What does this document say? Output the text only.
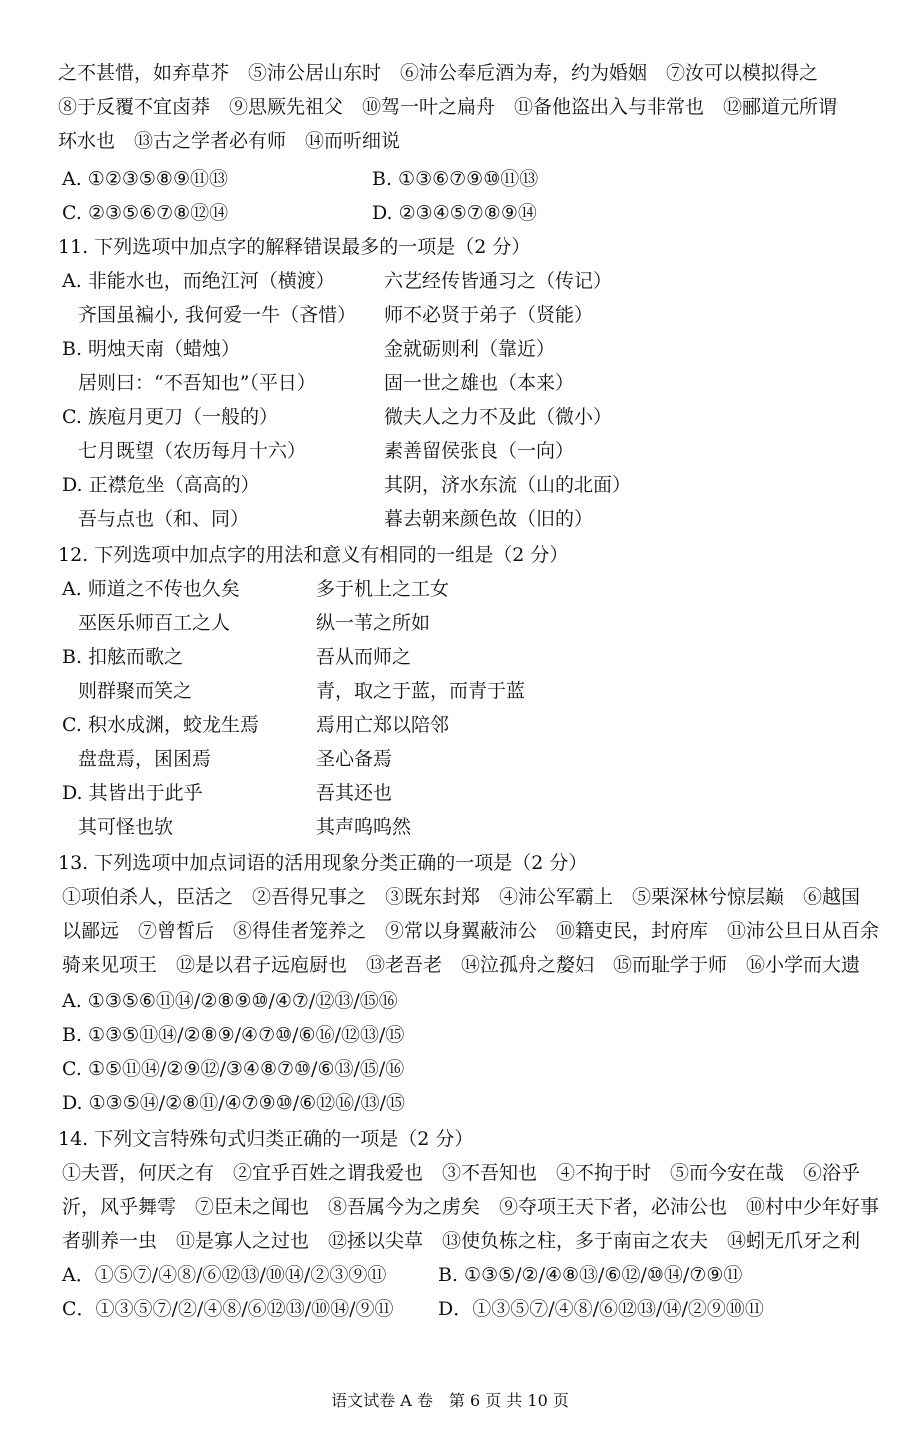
之不甚惜，如弃草芥　⑤沛公居山东时　⑥沛公奉卮酒为寿，约为婚姻　⑦汝可以模拟得之
⑧于反覆不宜卤莽　⑨思厥先祖父　⑩驾一叶之扁舟　⑪备他盗出入与非常也　⑫郦道元所谓
环水也　⑬古之学者必有师　⑭而听细说
A. ①②③⑤⑧⑨⑪⑬	B. ①③⑥⑦⑨⑩⑪⑬
C. ②③⑤⑥⑦⑧⑫⑭	D. ②③④⑤⑦⑧⑨⑭
11. 下列选项中加点字的解释错误最多的一项是（2 分）
A. 非能水也，而绝江河（横渡）	六艺经传皆通习之（传记）
齐国虽褊小, 我何爱一牛（吝惜） 师不必贤于弟子（贤能）
B. 明烛天南（蜡烛）	金就砺则利（靠近）
居则曰：“不吾知也”（平日）	固一世之雄也（本来）
C. 族庖月更刀（一般的）	微夫人之力不及此（微小）
七月既望（农历每月十六）	素善留侯张良（一向）
D. 正襟危坐（高高的）	其阴，济水东流（山的北面）
吾与点也（和、同）	暮去朝来颜色故（旧的）
12. 下列选项中加点字的用法和意义有相同的一组是（2 分）
A. 师道之不传也久矣	多于机上之工女
巫医乐师百工之人	纵一苇之所如
B. 扣舷而歌之	吾从而师之
则群聚而笑之	青，取之于蓝，而青于蓝
C. 积水成渊，蛟龙生焉	焉用亡郑以陪邻
盘盘焉，囷囷焉	圣心备焉
D. 其皆出于此乎	吾其还也
其可怪也欤	其声呜呜然
13. 下列选项中加点词语的活用现象分类正确的一项是（2 分）
①项伯杀人，臣活之　②吾得兄事之　③既东封郑　④沛公军霸上　⑤栗深林兮惊层巅　⑥越国
以鄙远　⑦曾皙后　⑧得佳者笼养之　⑨常以身翼蔽沛公　⑩籍吏民，封府库　⑪沛公旦日从百余
骑来见项王　⑫是以君子远庖厨也　⑬老吾老　⑭泣孤舟之嫠妇　⑮而耻学于师　⑯小学而大遗
A. ①③⑤⑥⑪⑭/②⑧⑨⑩/④⑦/⑫⑬/⑮⑯
B. ①③⑤⑪⑭/②⑧⑨/④⑦⑩/⑥⑯/⑫⑬/⑮
C. ①⑤⑪⑭/②⑨⑫/③④⑧⑦⑩/⑥⑬/⑮/⑯
D. ①③⑤⑭/②⑧⑪/④⑦⑨⑩/⑥⑫⑯/⑬/⑮
14. 下列文言特殊句式归类正确的一项是（2 分）
①夫晋，何厌之有　②宜乎百姓之谓我爱也　③不吾知也　④不拘于时　⑤而今安在哉　⑥浴乎
沂，风乎舞雩　⑦臣未之闻也　⑧吾属今为之虏矣　⑨夺项王天下者，必沛公也　⑩村中少年好事
者驯养一虫　⑪是寡人之过也　⑫拯以尖草　⑬使负栋之柱，多于南亩之农夫　⑭蚓无爪牙之利
A．①⑤⑦/④⑧/⑥⑫⑬/⑩⑭/②③⑨⑪	B. ①③⑤/②/④⑧⑬/⑥⑫/⑩⑭/⑦⑨⑪
C．①③⑤⑦/②/④⑧/⑥⑫⑬/⑩⑭/⑨⑪ D．①③⑤⑦/④⑧/⑥⑫⑬/⑭/②⑨⑩⑪
语文试卷 A 卷　第 6 页 共 10 页
